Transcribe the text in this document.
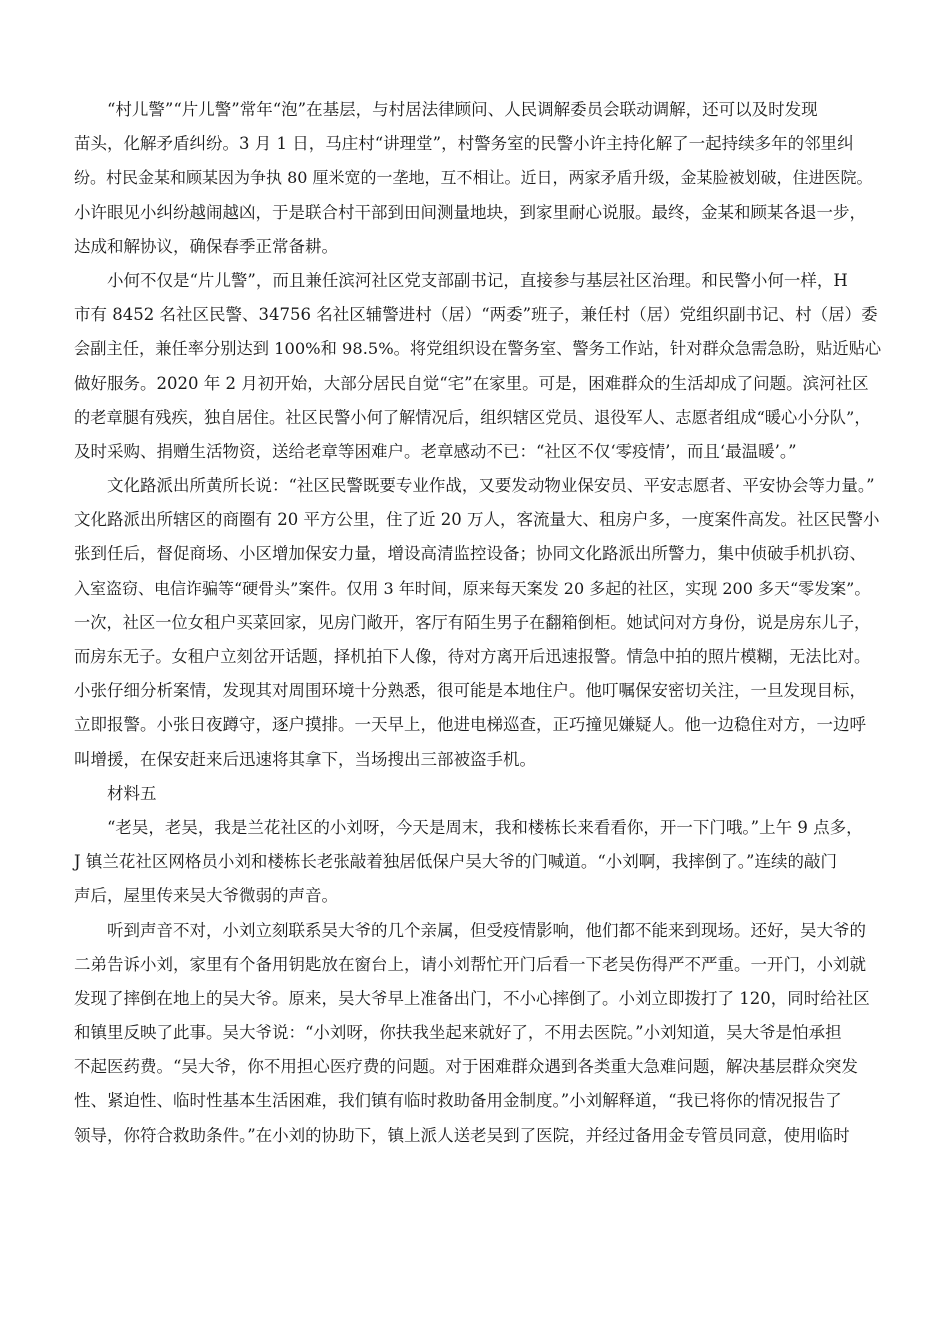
“村儿警”“片儿警”常年“泡”在基层，与村居法律顾问、人民调解委员会联动调解，还可以及时发现
苗头，化解矛盾纠纷。3 月 1 日，马庄村“讲理堂”，村警务室的民警小许主持化解了一起持续多年的邻里纠
纷。村民金某和顾某因为争执 80 厘米宽的一垄地，互不相让。近日，两家矛盾升级，金某脸被划破，住进医院。
小许眼见小纠纷越闹越凶，于是联合村干部到田间测量地块，到家里耐心说服。最终，金某和顾某各退一步，
达成和解协议，确保春季正常备耕。
小何不仅是“片儿警”，而且兼任滨河社区党支部副书记，直接参与基层社区治理。和民警小何一样，H
市有 8452 名社区民警、34756 名社区辅警进村（居）“两委”班子，兼任村（居）党组织副书记、村（居）委
会副主任，兼任率分别达到 100%和 98.5%。将党组织设在警务室、警务工作站，针对群众急需急盼，贴近贴心
做好服务。2020 年 2 月初开始，大部分居民自觉“宅”在家里。可是，困难群众的生活却成了问题。滨河社区
的老章腿有残疾，独自居住。社区民警小何了解情况后，组织辖区党员、退役军人、志愿者组成“暖心小分队”，
及时采购、捐赠生活物资，送给老章等困难户。老章感动不已：“社区不仅‘零疫情’，而且‘最温暖’。”
文化路派出所黄所长说：“社区民警既要专业作战，又要发动物业保安员、平安志愿者、平安协会等力量。”
文化路派出所辖区的商圈有 20 平方公里，住了近 20 万人，客流量大、租房户多，一度案件高发。社区民警小
张到任后，督促商场、小区增加保安力量，增设高清监控设备；协同文化路派出所警力，集中侦破手机扒窃、
入室盗窃、电信诈骗等“硬骨头”案件。仅用 3 年时间，原来每天案发 20 多起的社区，实现 200 多天“零发案”。
一次，社区一位女租户买菜回家，见房门敞开，客厅有陌生男子在翻箱倒柜。她试问对方身份，说是房东儿子，
而房东无子。女租户立刻岔开话题，择机拍下人像，待对方离开后迅速报警。情急中拍的照片模糊，无法比对。
小张仔细分析案情，发现其对周围环境十分熟悉，很可能是本地住户。他叮嘱保安密切关注，一旦发现目标，
立即报警。小张日夜蹲守，逐户摸排。一天早上，他进电梯巡查，正巧撞见嫌疑人。他一边稳住对方，一边呼
叫增援，在保安赶来后迅速将其拿下，当场搜出三部被盗手机。
材料五
“老吴，老吴，我是兰花社区的小刘呀，今天是周末，我和楼栋长来看看你，开一下门哦。”上午 9 点多，
J 镇兰花社区网格员小刘和楼栋长老张敲着独居低保户吴大爷的门喊道。“小刘啊，我摔倒了。”连续的敲门
声后，屋里传来吴大爷微弱的声音。
听到声音不对，小刘立刻联系吴大爷的几个亲属，但受疫情影响，他们都不能来到现场。还好，吴大爷的
二弟告诉小刘，家里有个备用钥匙放在窗台上，请小刘帮忙开门后看一下老吴伤得严不严重。一开门，小刘就
发现了摔倒在地上的吴大爷。原来，吴大爷早上准备出门，不小心摔倒了。小刘立即拨打了 120，同时给社区
和镇里反映了此事。吴大爷说：“小刘呀，你扶我坐起来就好了，不用去医院。”小刘知道，吴大爷是怕承担
不起医药费。“吴大爷，你不用担心医疗费的问题。对于困难群众遇到各类重大急难问题，解决基层群众突发
性、紧迫性、临时性基本生活困难，我们镇有临时救助备用金制度。”小刘解释道，“我已将你的情况报告了
领导，你符合救助条件。”在小刘的协助下，镇上派人送老吴到了医院，并经过备用金专管员同意，使用临时
